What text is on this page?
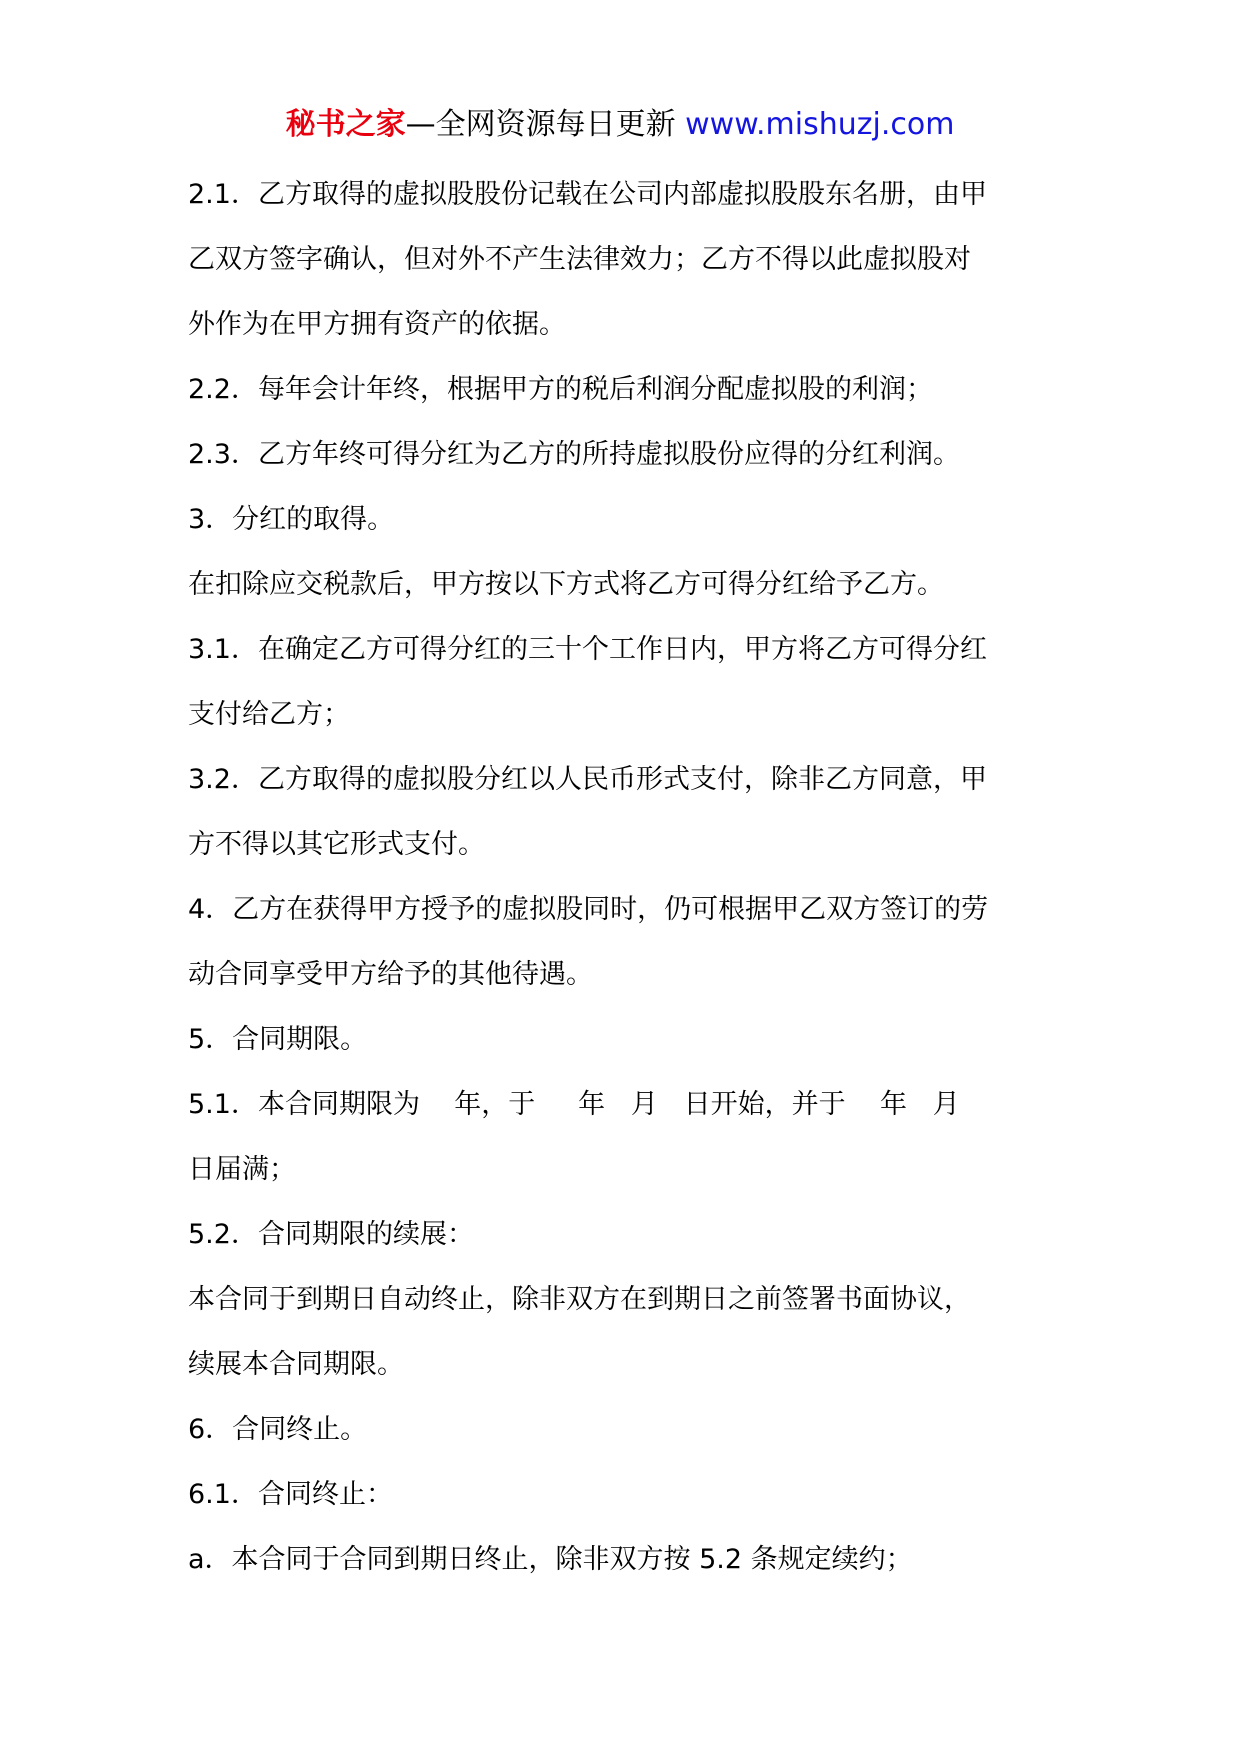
秘书之家—全网资源每日更新 www.mishuzj.com

2.1．乙方取得的虚拟股股份记载在公司内部虚拟股股东名册，由甲

乙双方签字确认，但对外不产生法律效力；乙方不得以此虚拟股对

外作为在甲方拥有资产的依据。

2.2．每年会计年终，根据甲方的税后利润分配虚拟股的利润；

2.3．乙方年终可得分红为乙方的所持虚拟股份应得的分红利润。

3．分红的取得。

在扣除应交税款后，甲方按以下方式将乙方可得分红给予乙方。

3.1．在确定乙方可得分红的三十个工作日内，甲方将乙方可得分红

支付给乙方；

3.2．乙方取得的虚拟股分红以人民币形式支付，除非乙方同意，甲

方不得以其它形式支付。

4．乙方在获得甲方授予的虚拟股同时，仍可根据甲乙双方签订的劳

动合同享受甲方给予的其他待遇。

5．合同期限。

5.1．本合同期限为    年，于     年   月   日开始，并于    年   月

日届满；

5.2．合同期限的续展：

本合同于到期日自动终止，除非双方在到期日之前签署书面协议，

续展本合同期限。

6．合同终止。

6.1．合同终止：

a．本合同于合同到期日终止，除非双方按 5.2 条规定续约；
